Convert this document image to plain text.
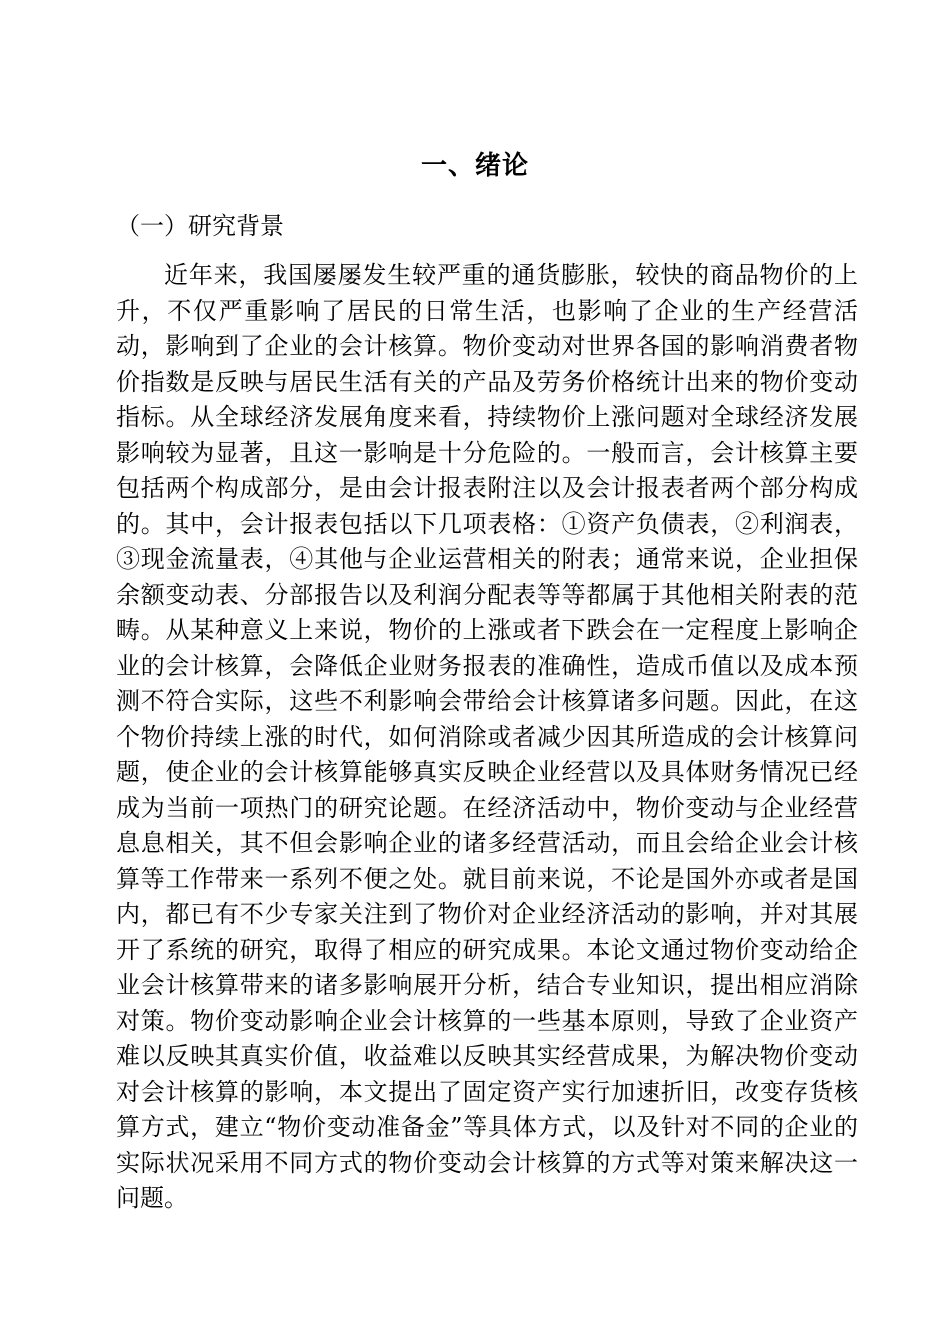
一、绪论
（一）研究背景

近年来，我国屡屡发生较严重的通货膨胀，较快的商品物价的上升，不仅严重影响了居民的日常生活，也影响了企业的生产经营活动，影响到了企业的会计核算。物价变动对世界各国的影响消费者物价指数是反映与居民生活有关的产品及劳务价格统计出来的物价变动指标。从全球经济发展角度来看，持续物价上涨问题对全球经济发展影响较为显著，且这一影响是十分危险的。一般而言，会计核算主要包括两个构成部分，是由会计报表附注以及会计报表者两个部分构成的。其中，会计报表包括以下几项表格：①资产负债表，②利润表，③现金流量表，④其他与企业运营相关的附表；通常来说，企业担保余额变动表、分部报告以及利润分配表等等都属于其他相关附表的范畴。从某种意义上来说，物价的上涨或者下跌会在一定程度上影响企业的会计核算，会降低企业财务报表的准确性，造成币值以及成本预测不符合实际，这些不利影响会带给会计核算诸多问题。因此，在这个物价持续上涨的时代，如何消除或者减少因其所造成的会计核算问题，使企业的会计核算能够真实反映企业经营以及具体财务情况已经成为当前一项热门的研究论题。在经济活动中，物价变动与企业经营息息相关，其不但会影响企业的诸多经营活动，而且会给企业会计核算等工作带来一系列不便之处。就目前来说，不论是国外亦或者是国内，都已有不少专家关注到了物价对企业经济活动的影响，并对其展开了系统的研究，取得了相应的研究成果。本论文通过物价变动给企业会计核算带来的诸多影响展开分析，结合专业知识，提出相应消除对策。物价变动影响企业会计核算的一些基本原则，导致了企业资产难以反映其真实价值，收益难以反映其实经营成果，为解决物价变动对会计核算的影响，本文提出了固定资产实行加速折旧，改变存货核算方式，建立“物价变动准备金”等具体方式，以及针对不同的企业的实际状况采用不同方式的物价变动会计核算的方式等对策来解决这一问题。
